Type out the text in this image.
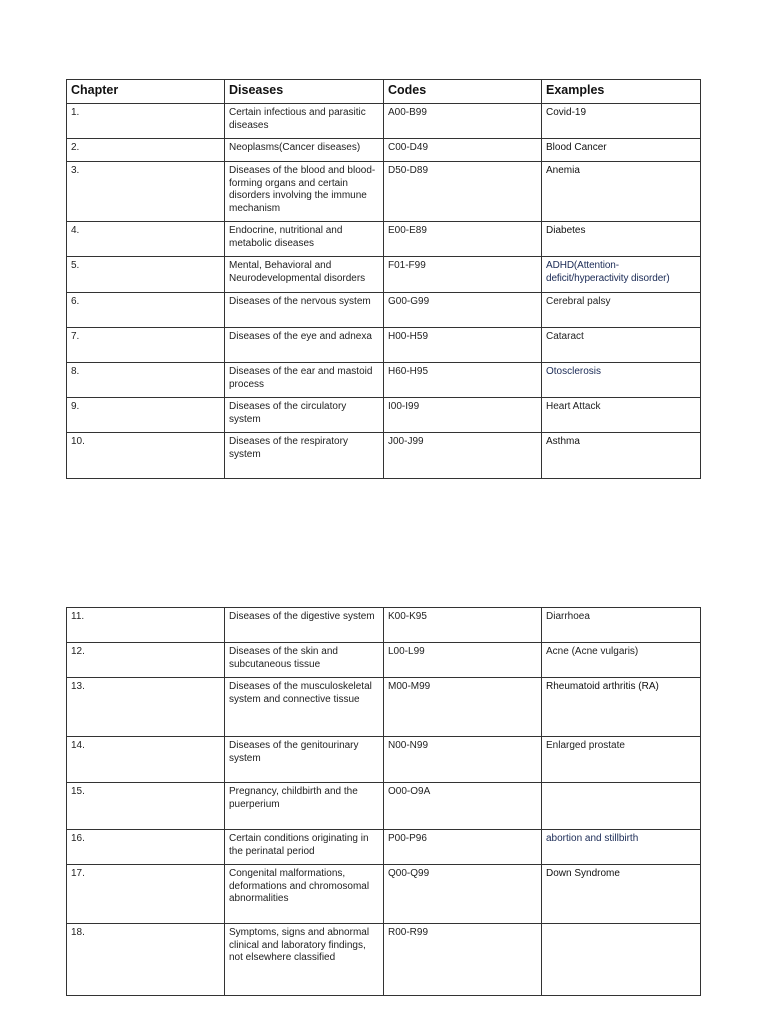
Chapter	Diseases	Codes	Examples
1.	Certain infectious and parasitic diseases	A00-B99	Covid-19
2.	Neoplasms(Cancer diseases)	C00-D49	Blood Cancer
3.	Diseases of the blood and blood-forming organs and certain disorders involving the immune mechanism	D50-D89	Anemia
4.	Endocrine, nutritional and metabolic diseases	E00-E89	Diabetes
5.	Mental, Behavioral and Neurodevelopmental disorders	F01-F99	ADHD(Attention-deficit/hyperactivity disorder)
6.	Diseases of the nervous system	G00-G99	Cerebral palsy
7.	Diseases of the eye and adnexa	H00-H59	Cataract
8.	Diseases of the ear and mastoid process	H60-H95	Otosclerosis
9.	Diseases of the circulatory system	I00-I99	Heart Attack
10.	Diseases of the respiratory system	J00-J99	Asthma
11.	Diseases of the digestive system	K00-K95	Diarrhoea
12.	Diseases of the skin and subcutaneous tissue	L00-L99	Acne (Acne vulgaris)
13.	Diseases of the musculoskeletal system and connective tissue	M00-M99	Rheumatoid arthritis (RA)
14.	Diseases of the genitourinary system	N00-N99	Enlarged prostate
15.	Pregnancy, childbirth and the puerperium	O00-O9A	
16.	Certain conditions originating in the perinatal period	P00-P96	abortion and stillbirth
17.	Congenital malformations, deformations and chromosomal abnormalities	Q00-Q99	Down Syndrome
18.	Symptoms, signs and abnormal clinical and laboratory findings, not elsewhere classified	R00-R99	
